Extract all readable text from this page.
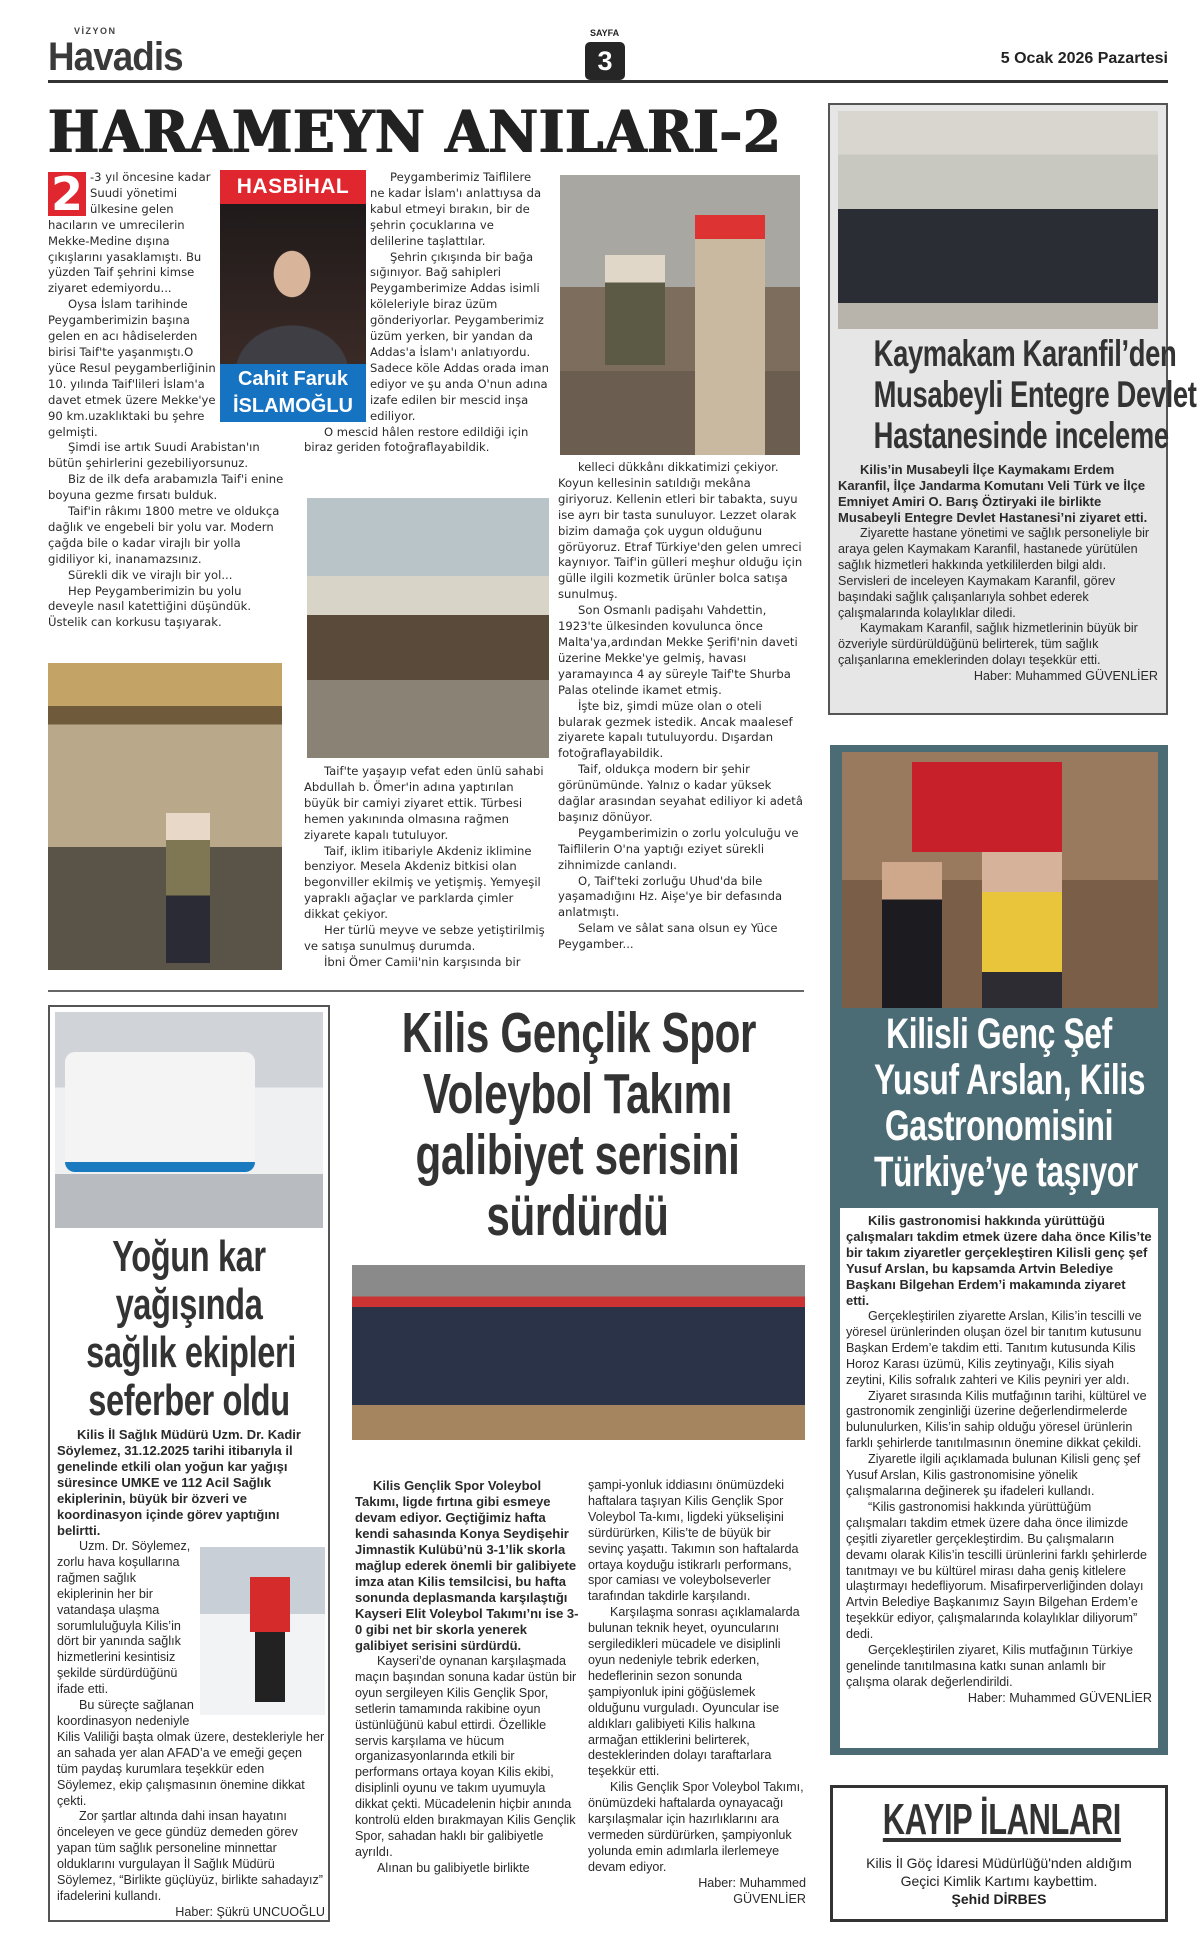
VİZYON
Havadis
SAYFA
3	5 Ocak 2026 Pazartesi
HARAMEYN ANILARI-2
2 -3 yıl öncesine kadar Suudi yönetimi ülkesine gelen hacıların ve umrecilerin Mekke-Medine dışına çıkışlarını yasaklamıştı. Bu yüzden Taif şehrini kimse ziyaret edemiyordu...

Oysa İslam tarihinde Peygamberimizin başına gelen en acı hâdiselerden birisi Taif'te yaşanmıştı.O yüce Resul peygamberliğinin 10. yılında Taif'lileri İslam'a davet etmek üzere Mekke'ye 90 km.uzaklıktaki bu şehre gelmişti.

Şimdi ise artık Suudi Arabistan'ın bütün şehirlerini gezebiliyorsunuz.

Biz de ilk defa arabamızla Taif'i enine boyuna gezme fırsatı bulduk.

Taif'in râkımı 1800 metre ve oldukça dağlık ve engebeli bir yolu var. Modern çağda bile o kadar virajlı bir yolla gidiliyor ki, inanamazsınız.

Sürekli dik ve virajlı bir yol...

Hep Peygamberimizin bu yolu deveyle nasıl katettiğini düşündük. Üstelik can korkusu taşıyarak.

HASBİHAL
Cahit Faruk
İSLAMOĞLU

Peygamberimiz Taiflilere ne kadar İslam'ı anlattıysa da kabul etmeyi bırakın, bir de şehrin çocuklarına ve delilerine taşlattılar.

Şehrin çıkışında bir bağa sığınıyor. Bağ sahipleri Peygamberimize Addas isimli köleleriyle biraz üzüm gönderiyorlar. Peygamberimiz üzüm yerken, bir yandan da Addas'a İslam'ı anlatıyordu. Sadece köle Addas orada iman ediyor ve şu anda O'nun adına izafe edilen bir mescid inşa ediliyor.

O mescid hâlen restore edildiği için biraz geriden fotoğraflayabildik.

Taif'te yaşayıp vefat eden ünlü sahabi Abdullah b. Ömer'in adına yaptırılan büyük bir camiyi ziyaret ettik. Türbesi hemen yakınında olmasına rağmen ziyarete kapalı tutuluyor.

Taif, iklim itibariyle Akdeniz iklimine benziyor. Mesela Akdeniz bitkisi olan begonviller ekilmiş ve yetişmiş. Yemyeşil yapraklı ağaçlar ve parklarda çimler dikkat çekiyor.

Her türlü meyve ve sebze yetiştirilmiş ve satışa sunulmuş durumda.

İbni Ömer Camii'nin karşısında bir

kelleci dükkânı dikkatimizi çekiyor. Koyun kellesinin satıldığı mekâna giriyoruz. Kellenin etleri bir tabakta, suyu ise ayrı bir tasta sunuluyor. Lezzet olarak bizim damağa çok uygun olduğunu görüyoruz. Etraf Türkiye'den gelen umreci kaynıyor. Taif'in gülleri meşhur olduğu için gülle ilgili kozmetik ürünler bolca satışa sunulmuş.

Son Osmanlı padişahı Vahdettin, 1923'te ülkesinden kovulunca önce Malta'ya,ardından Mekke Şerifi'nin daveti üzerine Mekke'ye gelmiş, havası yaramayınca 4 ay süreyle Taif'te Shurba Palas otelinde ikamet etmiş.

İşte biz, şimdi müze olan o oteli bularak gezmek istedik. Ancak maalesef ziyarete kapalı tutuluyordu. Dışardan fotoğraflayabildik.

Taif, oldukça modern bir şehir görünümünde. Yalnız o kadar yüksek dağlar arasından seyahat ediliyor ki adetâ başınız dönüyor.

Peygamberimizin o zorlu yolculuğu ve Taiflilerin O'na yaptığı eziyet sürekli zihnimizde canlandı.

O, Taif'teki zorluğu Uhud'da bile yaşamadığını Hz. Aişe'ye bir defasında anlatmıştı.

Selam ve sâlat sana olsun ey Yüce Peygamber...

Kaymakam Karanfil’den
Musabeyli Entegre Devlet
Hastanesinde inceleme

Kilis’in Musabeyli İlçe Kaymakamı Erdem Karanfil, İlçe Jandarma Komutanı Veli Türk ve İlçe Emniyet Amiri O. Barış Öztiryaki ile birlikte Musabeyli Entegre Devlet Hastanesi’ni ziyaret etti.

Ziyarette hastane yönetimi ve sağlık personeliyle bir araya gelen Kaymakam Karanfil, hastanede yürütülen sağlık hizmetleri hakkında yetkililerden bilgi aldı. Servisleri de inceleyen Kaymakam Karanfil, görev başındaki sağlık çalışanlarıyla sohbet ederek çalışmalarında kolaylıklar diledi.

Kaymakam Karanfil, sağlık hizmetlerinin büyük bir özveriyle sürdürüldüğünü belirterek, tüm sağlık çalışanlarına emeklerinden dolayı teşekkür etti.

Haber: Muhammed GÜVENLİER

Kilisli Genç Şef
Yusuf Arslan, Kilis
Gastronomisini
Türkiye’ye taşıyor

Kilis gastronomisi hakkında yürüttüğü çalışmaları takdim etmek üzere daha önce Kilis’te bir takım ziyaretler gerçekleştiren Kilisli genç şef Yusuf Arslan, bu kapsamda Artvin Belediye Başkanı Bilgehan Erdem’i makamında ziyaret etti.

Gerçekleştirilen ziyarette Arslan, Kilis’in tescilli ve yöresel ürünlerinden oluşan özel bir tanıtım kutusunu Başkan Erdem’e takdim etti. Tanıtım kutusunda Kilis Horoz Karası üzümü, Kilis zeytinyağı, Kilis siyah zeytini, Kilis sofralık zahteri ve Kilis peyniri yer aldı.

Ziyaret sırasında Kilis mutfağının tarihi, kültürel ve gastronomik zenginliği üzerine değerlendirmelerde bulunulurken, Kilis’in sahip olduğu yöresel ürünlerin farklı şehirlerde tanıtılmasının önemine dikkat çekildi.

Ziyaretle ilgili açıklamada bulunan Kilisli genç şef Yusuf Arslan, Kilis gastronomisine yönelik çalışmalarına değinerek şu ifadeleri kullandı.

“Kilis gastronomisi hakkında yürüttüğüm çalışmaları takdim etmek üzere daha önce ilimizde çeşitli ziyaretler gerçekleştirdim. Bu çalışmaların devamı olarak Kilis’in tescilli ürünlerini farklı şehirlerde tanıtmayı ve bu kültürel mirası daha geniş kitlelere ulaştırmayı hedefliyorum. Misafirperverliğinden dolayı Artvin Belediye Başkanımız Sayın Bilgehan Erdem’e teşekkür ediyor, çalışmalarında kolaylıklar diliyorum” dedi.

Gerçekleştirilen ziyaret, Kilis mutfağının Türkiye genelinde tanıtılmasına katkı sunan anlamlı bir çalışma olarak değerlendirildi.

Haber: Muhammed GÜVENLİER

KAYIP İLANLARI
Kilis İl Göç İdaresi Müdürlüğü'nden aldığım
Geçici Kimlik Kartımı kaybettim.
Şehid DİRBES
Yoğun kar
yağışında
sağlık ekipleri
seferber oldu

Kilis İl Sağlık Müdürü Uzm. Dr. Kadir Söylemez, 31.12.2025 tarihi itibarıyla il genelinde etkili olan yoğun kar yağışı süresince UMKE ve 112 Acil Sağlık ekiplerinin, büyük bir özveri ve koordinasyon içinde görev yaptığını belirtti.

Uzm. Dr. Söylemez, zorlu hava koşullarına rağmen sağlık ekiplerinin her bir vatandaşa ulaşma sorumluluğuyla Kilis’in dört bir yanında sağlık hizmetlerini kesintisiz şekilde sürdürdüğünü ifade etti.

Bu süreçte sağlanan koordinasyon nedeniyle Kilis Valiliği başta olmak üzere, destekleriyle her an sahada yer alan AFAD’a ve emeği geçen tüm paydaş kurumlara teşekkür eden Söylemez, ekip çalışmasının önemine dikkat çekti.

Zor şartlar altında dahi insan hayatını önceleyen ve gece gündüz demeden görev yapan tüm sağlık personeline minnettar olduklarını vurgulayan İl Sağlık Müdürü Söylemez, “Birlikte güçlüyüz, birlikte sahadayız” ifadelerini kullandı.

Haber: Şükrü UNCUOĞLU

Kilis Gençlik Spor
Voleybol Takımı
galibiyet serisini
sürdürdü

Kilis Gençlik Spor Voleybol Takımı, ligde fırtına gibi esmeye devam ediyor. Geçtiğimiz hafta kendi sahasında Konya Seydişehir Jimnastik Kulübü’nü 3-1’lik skorla mağlup ederek önemli bir galibiyete imza atan Kilis temsilcisi, bu hafta sonunda deplasmanda karşılaştığı Kayseri Elit Voleybol Takımı’nı ise 3-0 gibi net bir skorla yenerek galibiyet serisini sürdürdü.

Kayseri’de oynanan karşılaşmada maçın başından sonuna kadar üstün bir oyun sergileyen Kilis Gençlik Spor, setlerin tamamında rakibine oyun üstünlüğünü kabul ettirdi. Özellikle servis karşılama ve hücum organizasyonlarında etkili bir performans ortaya koyan Kilis ekibi, disiplinli oyunu ve takım uyumuyla dikkat çekti. Mücadelenin hiçbir anında kontrolü elden bırakmayan Kilis Gençlik Spor, sahadan haklı bir galibiyetle ayrıldı.

Alınan bu galibiyetle birlikte

şampi-yonluk iddiasını önümüzdeki haftalara taşıyan Kilis Gençlik Spor Voleybol Ta-kımı, ligdeki yükselişini sürdürürken, Kilis’te de büyük bir sevinç yaşattı. Takımın son haftalarda ortaya koyduğu istikrarlı performans, spor camiası ve voleybolseverler tarafından takdirle karşılandı.

Karşılaşma sonrası açıklamalarda bulunan teknik heyet, oyuncularını sergiledikleri mücadele ve disiplinli oyun nedeniyle tebrik ederken, hedeflerinin sezon sonunda şampiyonluk ipini göğüslemek olduğunu vurguladı. Oyuncular ise aldıkları galibiyeti Kilis halkına armağan ettiklerini belirterek, desteklerinden dolayı taraftarlara teşekkür etti.

Kilis Gençlik Spor Voleybol Takımı, önümüzdeki haftalarda oynayacağı karşılaşmalar için hazırlıklarını ara vermeden sürdürürken, şampiyonluk yolunda emin adımlarla ilerlemeye devam ediyor.

Haber: Muhammed

GÜVENLİER
